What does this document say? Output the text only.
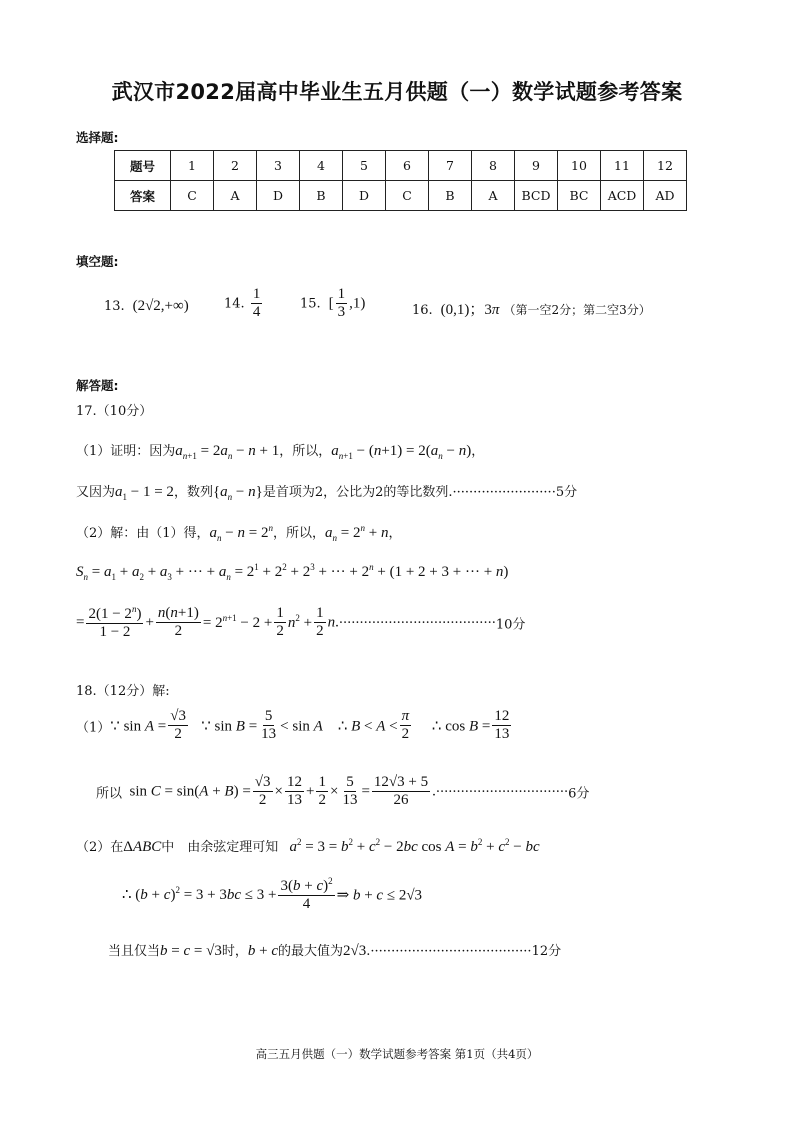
武汉市2022届高中毕业生五月供题（一）数学试题参考答案
选择题:
题号	1	2	3	4	5	6	7	8	9	10	11	12
答案	C	A	D	B	D	C	B	A	BCD	BC	ACD	AD
填空题:
13.  (2√2,+∞)	14. $\frac{1}{4}$	15.  [ $\frac{1}{3} ,1$)	16.  (0,1)；3π （第一空2分；第二空3分）
解答题:
17.（10分）
（1）证明：因为$a_{n+1} = 2a_n - n + 1$，所以，$a_{n+1} - (n+1) = 2(a_n - n)$，
又因为$a_1 - 1 = 2$，数列$\{a_n - n\}$是首项为2，公比为2的等比数列.·························5分
（2）解：由（1）得，$a_n - n = 2^n$，所以，$a_n = 2^n + n$，
$S_n = a_1 + a_2 + a_3$ + ··· + $a_n = 2^1 + 2^2 + 2^3$ + ··· + $2^n + (1 + 2 + 3$ + ··· + n)
= $\frac{2(1 - 2^n)}{1 - 2} + \frac{n(n+1)}{2} = 2^{n+1} - 2 + \frac{1}{2} n^2 + \frac{1}{2} n.\cdot\cdot\cdot\cdot\cdot\cdot\cdot\cdot\cdot\cdot\cdot\cdot\cdot\cdot\cdot\cdot\cdot\cdot\cdot\cdot\cdot\cdot\cdot\cdot\cdot\cdot\cdot\cdot\cdot\cdot\cdot\cdot\cdot\cdot\cdot\cdot\cdot\cdot 10$分
18.（12分）解:
（1）∵ $\sin A = \frac{√3}{2}$ ∵ $\sin B = \frac{5}{13} < \sin A$    ∴ $B < A < \frac{\pi}{2}$ ∴ $\cos B = \frac{12}{13}$
所以  $\sin C = \sin(A + B) = \frac{√3}{2} \times \frac{12}{13} + \frac{1}{2} \times \frac{5}{13} = \frac{12√3 + 5}{26} .\cdot\cdot\cdot\cdot\cdot\cdot\cdot\cdot\cdot\cdot\cdot\cdot\cdot\cdot\cdot\cdot\cdot\cdot\cdot\cdot\cdot\cdot\cdot\cdot\cdot\cdot\cdot\cdot\cdot\cdot\cdot\cdot 6$分
（2）在ΔABC中　由余弦定理可知 $a^2 = 3 = b^2 + c^2 - 2bc$ $\cos A = b^2 + c^2$ − bc
∴ $(b + c)^2 = 3 + 3bc \le 3 + \frac{3(b + c)^2}{4}$ ⇒ b + c ≤ 2√3
当且仅当b = c = √3时，b + c的最大值为2√3.·······································12分
高三五月供题（一）数学试题参考答案 第1页（共4页）
